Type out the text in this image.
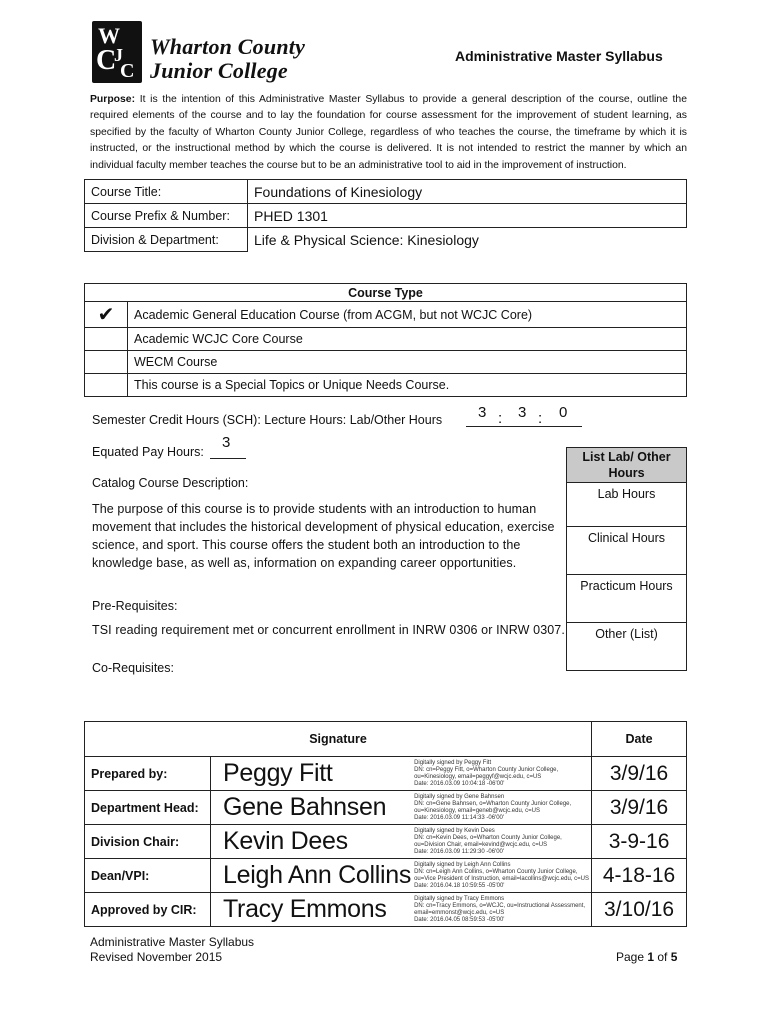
W
C
J
C
Wharton County
Junior College
Administrative Master Syllabus
Purpose: It is the intention of this Administrative Master Syllabus to provide a general description of the course, outline the required elements of the course and to lay the foundation for course assessment for the improvement of student learning, as specified by the faculty of Wharton County Junior College, regardless of who teaches the course, the timeframe by which it is instructed, or the instructional method by which the course is delivered. It is not intended to restrict the manner by which an individual faculty member teaches the course but to be an administrative tool to aid in the improvement of instruction.
Course Title:	Foundations of Kinesiology
Course Prefix & Number:	PHED 1301
Division & Department:	Life & Physical Science: Kinesiology
Course Type	
✔	Academic General Education Course (from ACGM, but not WCJC Core)
	Academic WCJC Core Course
	WECM Course
	This course is a Special Topics or Unique Needs Course.
Semester Credit Hours (SCH): Lecture Hours: Lab/Other Hours 3 : 3 : 0
Equated Pay Hours:
3
Catalog Course Description:
The purpose of this course is to provide students with an introduction to human movement that includes the historical development of physical education, exercise science, and sport. This course offers the student both an introduction to the knowledge base, as well as, information on expanding career opportunities.
List Lab/ Other Hours
Lab Hours
Clinical Hours
Practicum Hours
Other (List)
Pre-Requisites:
TSI reading requirement met or concurrent enrollment in INRW 0306 or INRW 0307.
Co-Requisites:
Signature			Date
Prepared by:	Peggy Fitt	Digitally signed by Peggy Fitt
DN: cn=Peggy Fitt, o=Wharton County Junior College, ou=Kinesiology, email=peggyf@wcjc.edu, c=US
Date: 2016.03.09 10:04:18 -06'00'	3/9/16
Department Head:	Gene Bahnsen	Digitally signed by Gene Bahnsen
DN: cn=Gene Bahnsen, o=Wharton County Junior College, ou=Kinesiology, email=geneb@wcjc.edu, c=US
Date: 2016.03.09 11:14:33 -06'00'	3/9/16
Division Chair:	Kevin Dees	Digitally signed by Kevin Dees
DN: cn=Kevin Dees, o=Wharton County Junior College, ou=Division Chair, email=kevind@wcjc.edu, c=US
Date: 2016.03.09 11:29:30 -06'00'	3-9-16
Dean/VPI:	Leigh Ann Collins	Digitally signed by Leigh Ann Collins
DN: cn=Leigh Ann Collins, o=Wharton County Junior College, ou=Vice President of Instruction, email=lacollins@wcjc.edu, c=US
Date: 2016.04.18 10:59:55 -05'00'	4-18-16
Approved by CIR:	Tracy Emmons	Digitally signed by Tracy Emmons
DN: cn=Tracy Emmons, o=WCJC, ou=Instructional Assessment, email=emmonst@wcjc.edu, c=US
Date: 2016.04.05 08:59:53 -05'00'	3/10/16
Administrative Master Syllabus
Revised November 2015	Page 1 of 5
